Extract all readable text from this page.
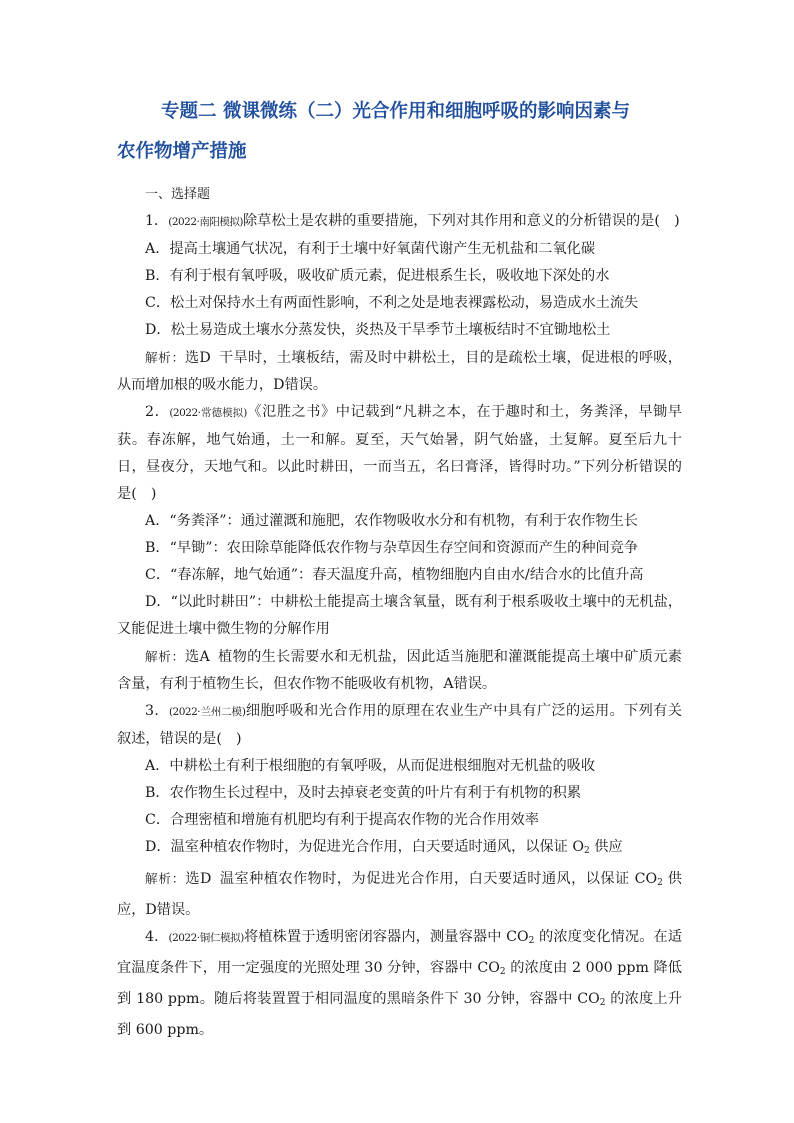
专题二 微课微练（二）光合作用和细胞呼吸的影响因素与
农作物增产措施
一、选择题

1．(2022·南阳模拟)除草松土是农耕的重要措施，下列对其作用和意义的分析错误的是(　)

A．提高土壤通气状况，有利于土壤中好氧菌代谢产生无机盐和二氧化碳

B．有利于根有氧呼吸，吸收矿质元素，促进根系生长，吸收地下深处的水

C．松土对保持水土有两面性影响，不利之处是地表裸露松动，易造成水土流失

D．松土易造成土壤水分蒸发快，炎热及干旱季节土壤板结时不宜锄地松土

解析：选D 干旱时，土壤板结，需及时中耕松土，目的是疏松土壤，促进根的呼吸，从而增加根的吸水能力，D错误。

2．(2022·常德模拟)《氾胜之书》中记载到“凡耕之本，在于趣时和土，务粪泽，早锄早获。春冻解，地气始通，土一和解。夏至，天气始暑，阴气始盛，土复解。夏至后九十日，昼夜分，天地气和。以此时耕田，一而当五，名曰膏泽，皆得时功。”下列分析错误的是(　)

A．“务粪泽”：通过灌溉和施肥，农作物吸收水分和有机物，有利于农作物生长

B．“早锄”：农田除草能降低农作物与杂草因生存空间和资源而产生的种间竞争

C．“春冻解，地气始通”：春天温度升高，植物细胞内自由水/结合水的比值升高

D．“以此时耕田”：中耕松土能提高土壤含氧量，既有利于根系吸收土壤中的无机盐，又能促进土壤中微生物的分解作用

解析：选A 植物的生长需要水和无机盐，因此适当施肥和灌溉能提高土壤中矿质元素含量，有利于植物生长，但农作物不能吸收有机物，A错误。

3．(2022·兰州二模)细胞呼吸和光合作用的原理在农业生产中具有广泛的运用。下列有关叙述，错误的是(　)

A．中耕松土有利于根细胞的有氧呼吸，从而促进根细胞对无机盐的吸收

B．农作物生长过程中，及时去掉衰老变黄的叶片有利于有机物的积累

C．合理密植和增施有机肥均有利于提高农作物的光合作用效率

D．温室种植农作物时，为促进光合作用，白天要适时通风，以保证 $O_2$ 供应

解析：选D 温室种植农作物时，为促进光合作用，白天要适时通风，以保证 $CO_2$ 供应，D错误。

4．(2022·铜仁模拟)将植株置于透明密闭容器内，测量容器中 $CO_2$ 的浓度变化情况。在适宜温度条件下，用一定强度的光照处理 30 分钟，容器中 $CO_2$ 的浓度由 2 000 ppm 降低到 180 ppm。随后将装置置于相同温度的黑暗条件下 30 分钟，容器中 $CO_2$ 的浓度上升到 600 ppm。
